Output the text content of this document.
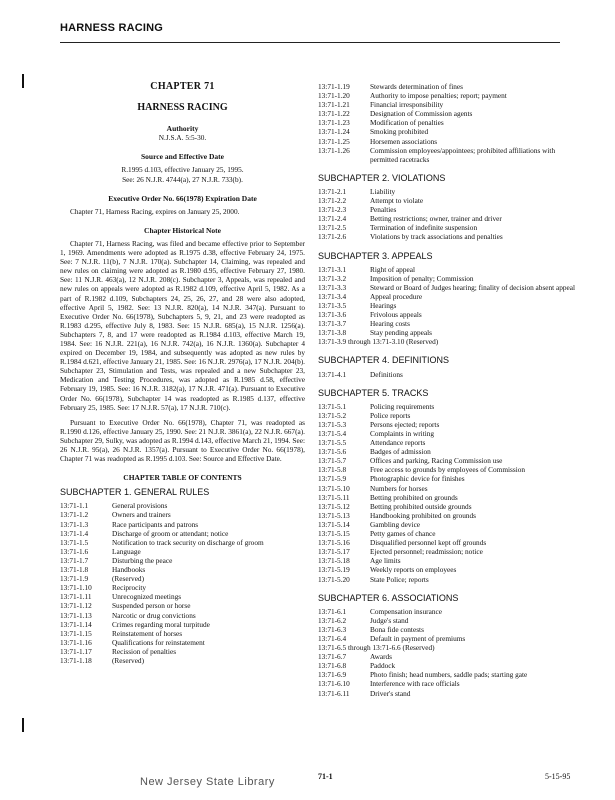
HARNESS RACING
CHAPTER 71
HARNESS RACING
Authority
N.J.S.A. 5:5-30.
Source and Effective Date
R.1995 d.103, effective January 25, 1995.
See: 26 N.J.R. 4744(a), 27 N.J.R. 733(b).
Executive Order No. 66(1978) Expiration Date
Chapter 71, Harness Racing, expires on January 25, 2000.
Chapter Historical Note

Chapter 71, Harness Racing, was filed and became effective prior to September 1, 1969. Amendments were adopted as R.1975 d.38, effective February 24, 1975. See: 7 N.J.R. 11(b), 7 N.J.R. 170(a). Subchapter 14, Claiming, was repealed and new rules on claiming were adopted as R.1980 d.95, effective February 27, 1980. See: 11 N.J.R. 463(a), 12 N.J.R. 208(c). Subchapter 3, Appeals, was repealed and new rules on appeals were adopted as R.1982 d.109, effective April 5, 1982. As a part of R.1982 d.109, Subchapters 24, 25, 26, 27, and 28 were also adopted, effective April 5, 1982. See: 13 N.J.R. 820(a), 14 N.J.R. 347(a). Pursuant to Executive Order No. 66(1978), Subchapters 5, 9, 21, and 23 were readopted as R.1983 d.295, effective July 8, 1983. See: 15 N.J.R. 685(a), 15 N.J.R. 1256(a). Subchapters 7, 8, and 17 were readopted as R.1984 d.103, effective March 19, 1984. See: 16 N.J.R. 221(a), 16 N.J.R. 742(a), 16 N.J.R. 1360(a). Subchapter 4 expired on December 19, 1984, and subsequently was adopted as new rules by R.1984 d.621, effective January 21, 1985. See: 16 N.J.R. 2976(a), 17 N.J.R. 204(b). Subchapter 23, Stimulation and Tests, was repealed and a new Subchapter 23, Medication and Testing Procedures, was adopted as R.1985 d.58, effective February 19, 1985. See: 16 N.J.R. 3182(a), 17 N.J.R. 471(a). Pursuant to Executive Order No. 66(1978), Subchapter 14 was readopted as R.1985 d.137, effective February 25, 1985. See: 17 N.J.R. 57(a), 17 N.J.R. 710(c).

Pursuant to Executive Order No. 66(1978), Chapter 71, was readopted as R.1990 d.126, effective January 25, 1990. See: 21 N.J.R. 3861(a), 22 N.J.R. 667(a). Subchapter 29, Sulky, was adopted as R.1994 d.143, effective March 21, 1994. See: 26 N.J.R. 95(a), 26 N.J.R. 1357(a). Pursuant to Executive Order No. 66(1978), Chapter 71 was readopted as R.1995 d.103. See: Source and Effective Date.

CHAPTER TABLE OF CONTENTS
SUBCHAPTER 1. GENERAL RULES
13:71-1.1	General provisions
13:71-1.2	Owners and trainers
13:71-1.3	Race participants and patrons
13:71-1.4	Discharge of groom or attendant; notice
13:71-1.5	Notification to track security on discharge of groom
13:71-1.6	Language
13:71-1.7	Disturbing the peace
13:71-1.8	Handbooks
13:71-1.9	(Reserved)
13:71-1.10	Reciprocity
13:71-1.11	Unrecognized meetings
13:71-1.12	Suspended person or horse
13:71-1.13	Narcotic or drug convictions
13:71-1.14	Crimes regarding moral turpitude
13:71-1.15	Reinstatement of horses
13:71-1.16	Qualifications for reinstatement
13:71-1.17	Recission of penalties
13:71-1.18	(Reserved)
13:71-1.19	Stewards determination of fines
13:71-1.20	Authority to impose penalties; report; payment
13:71-1.21	Financial irresponsibility
13:71-1.22	Designation of Commission agents
13:71-1.23	Modification of penalties
13:71-1.24	Smoking prohibited
13:71-1.25	Horsemen associations
13:71-1.26	Commission employees/appointees; prohibited affiliations with permitted racetracks
SUBCHAPTER 2. VIOLATIONS
13:71-2.1	Liability
13:71-2.2	Attempt to violate
13:71-2.3	Penalties
13:71-2.4	Betting restrictions; owner, trainer and driver
13:71-2.5	Termination of indefinite suspension
13:71-2.6	Violations by track associations and penalties
SUBCHAPTER 3. APPEALS
13:71-3.1	Right of appeal
13:71-3.2	Imposition of penalty; Commission
13:71-3.3	Steward or Board of Judges hearing; finality of decision absent appeal
13:71-3.4	Appeal procedure
13:71-3.5	Hearings
13:71-3.6	Frivolous appeals
13:71-3.7	Hearing costs
13:71-3.8	Stay pending appeals
13:71-3.9 through 13:71-3.10 (Reserved)
SUBCHAPTER 4. DEFINITIONS
13:71-4.1	Definitions
SUBCHAPTER 5. TRACKS
13:71-5.1	Policing requirements
13:71-5.2	Police reports
13:71-5.3	Persons ejected; reports
13:71-5.4	Complaints in writing
13:71-5.5	Attendance reports
13:71-5.6	Badges of admission
13:71-5.7	Offices and parking, Racing Commission use
13:71-5.8	Free access to grounds by employees of Commission
13:71-5.9	Photographic device for finishes
13:71-5.10	Numbers for horses
13:71-5.11	Betting prohibited on grounds
13:71-5.12	Betting prohibited outside grounds
13:71-5.13	Handbooking prohibited on grounds
13:71-5.14	Gambling device
13:71-5.15	Petty games of chance
13:71-5.16	Disqualified personnel kept off grounds
13:71-5.17	Ejected personnel; readmission; notice
13:71-5.18	Age limits
13:71-5.19	Weekly reports on employees
13:71-5.20	State Police; reports
SUBCHAPTER 6. ASSOCIATIONS
13:71-6.1	Compensation insurance
13:71-6.2	Judge's stand
13:71-6.3	Bona fide contests
13:71-6.4	Default in payment of premiums
13:71-6.5 through 13:71-6.6 (Reserved)
13:71-6.7	Awards
13:71-6.8	Paddock
13:71-6.9	Photo finish; head numbers, saddle pads; starting gate
13:71-6.10	Interference with race officials
13:71-6.11	Driver's stand
New Jersey State Library	71-1	5-15-95
